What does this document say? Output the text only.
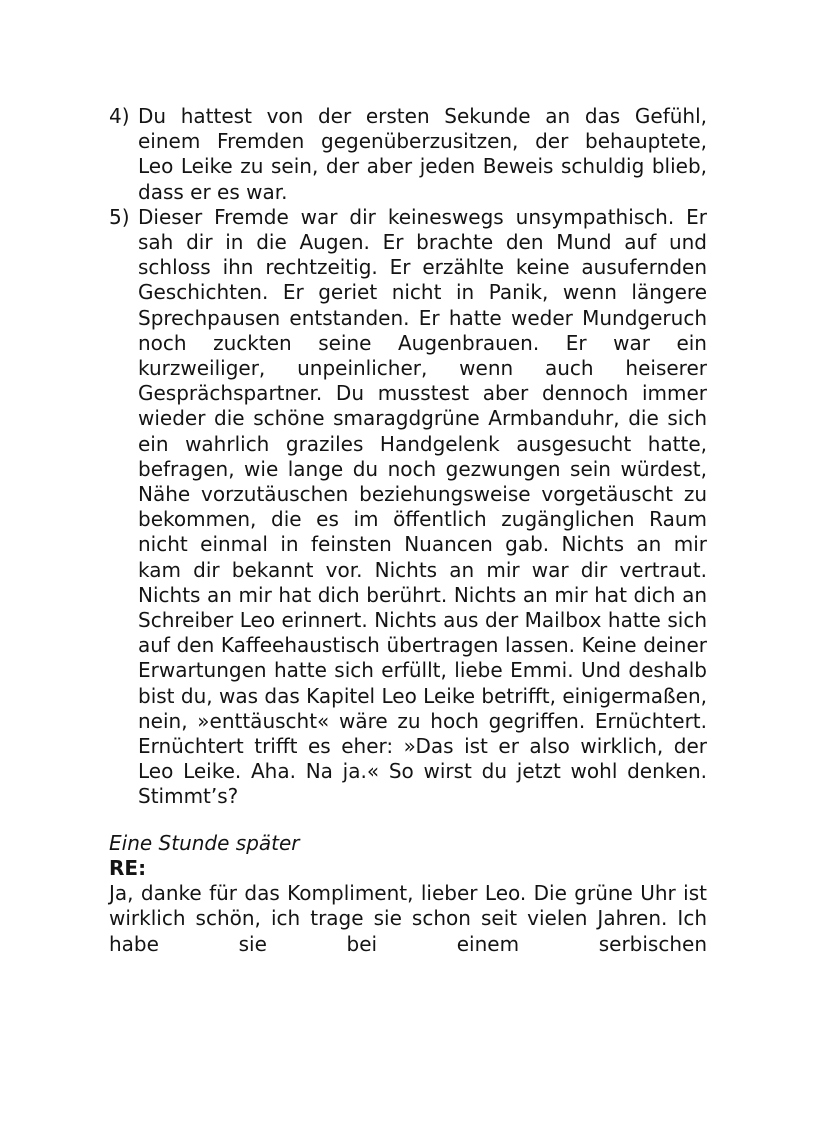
4) Du hattest von der ersten Sekunde an das Gefühl, einem Fremden gegenüberzusitzen, der behauptete, Leo Leike zu sein, der aber jeden Beweis schuldig blieb, dass er es war.

5) Dieser Fremde war dir keineswegs unsympathisch. Er sah dir in die Augen. Er brachte den Mund auf und schloss ihn rechtzeitig. Er erzählte keine ausufernden Geschichten. Er geriet nicht in Panik, wenn längere Sprechpausen entstanden. Er hatte weder Mundgeruch noch zuckten seine Augenbrauen. Er war ein kurzweiliger, unpeinlicher, wenn auch heiserer Gesprächspartner. Du musstest aber dennoch immer wieder die schöne smaragdgrüne Armbanduhr, die sich ein wahrlich graziles Handgelenk ausgesucht hatte, befragen, wie lange du noch gezwungen sein würdest, Nähe vorzutäuschen beziehungsweise vorgetäuscht zu bekommen, die es im öffentlich zugänglichen Raum nicht einmal in feinsten Nuancen gab. Nichts an mir kam dir bekannt vor. Nichts an mir war dir vertraut. Nichts an mir hat dich berührt. Nichts an mir hat dich an Schreiber Leo erinnert. Nichts aus der Mailbox hatte sich auf den Kaffeehaustisch übertragen lassen. Keine deiner Erwartungen hatte sich erfüllt, liebe Emmi. Und deshalb bist du, was das Kapitel Leo Leike betrifft, einigermaßen, nein, »enttäuscht« wäre zu hoch gegriffen. Ernüchtert. Ernüchtert trifft es eher: »Das ist er also wirklich, der Leo Leike. Aha. Na ja.« So wirst du jetzt wohl denken. Stimmt’s?

Eine Stunde später

RE:

Ja, danke für das Kompliment, lieber Leo. Die grüne Uhr ist wirklich schön, ich trage sie schon seit vielen Jahren. Ich habe sie bei einem serbischen
